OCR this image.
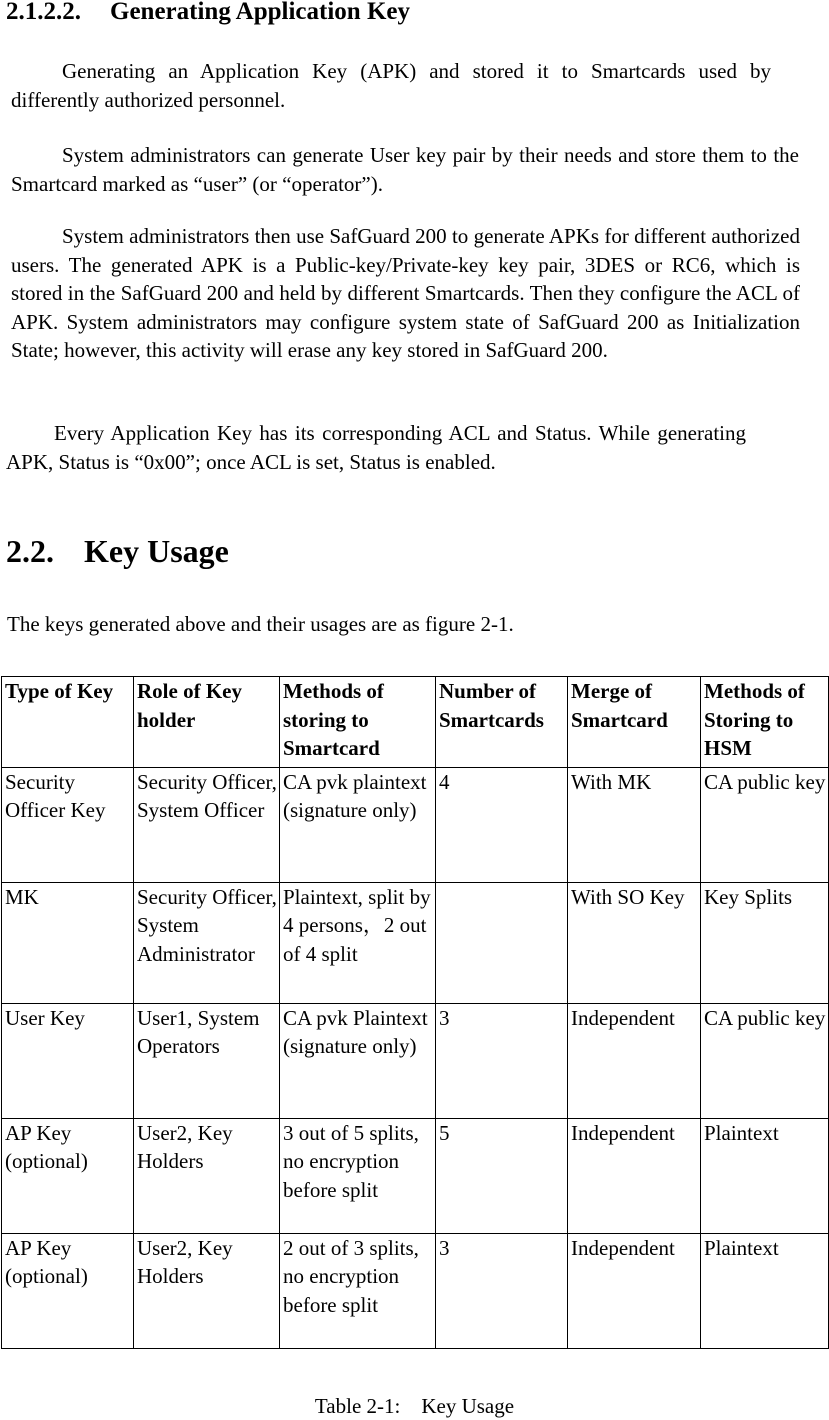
2.1.2.2. Generating Application Key
Generating an Application Key (APK) and stored it to Smartcards used by differently authorized personnel.
System administrators can generate User key pair by their needs and store them to the Smartcard marked as “user” (or “operator”).
System administrators then use SafGuard 200 to generate APKs for different authorized users. The generated APK is a Public-key/Private-key key pair, 3DES or RC6, which is stored in the SafGuard 200 and held by different Smartcards. Then they configure the ACL of APK. System administrators may configure system state of SafGuard 200 as Initialization State; however, this activity will erase any key stored in SafGuard 200.
Every Application Key has its corresponding ACL and Status. While generating APK, Status is “0x00”; once ACL is set, Status is enabled.
2.2. Key Usage
The keys generated above and their usages are as figure 2-1.
Type of Key	Role of Key holder	Methods of storing to Smartcard	Number of Smartcards	Merge of Smartcard	Methods of Storing to HSM
Security Officer Key	Security Officer, System Officer	CA pvk plaintext (signature only)	4	With MK	CA public key
MK	Security Officer, System Administrator	Plaintext, split by 4 persons，2 out of 4 split		With SO Key	Key Splits
User Key	User1, System Operators	CA pvk Plaintext (signature only)	3	Independent	CA public key
AP Key (optional)	User2, Key Holders	3 out of 5 splits, no encryption before split	5	Independent	Plaintext
AP Key (optional)	User2, Key Holders	2 out of 3 splits, no encryption before split	3	Independent	Plaintext
Table 2-1:    Key Usage
